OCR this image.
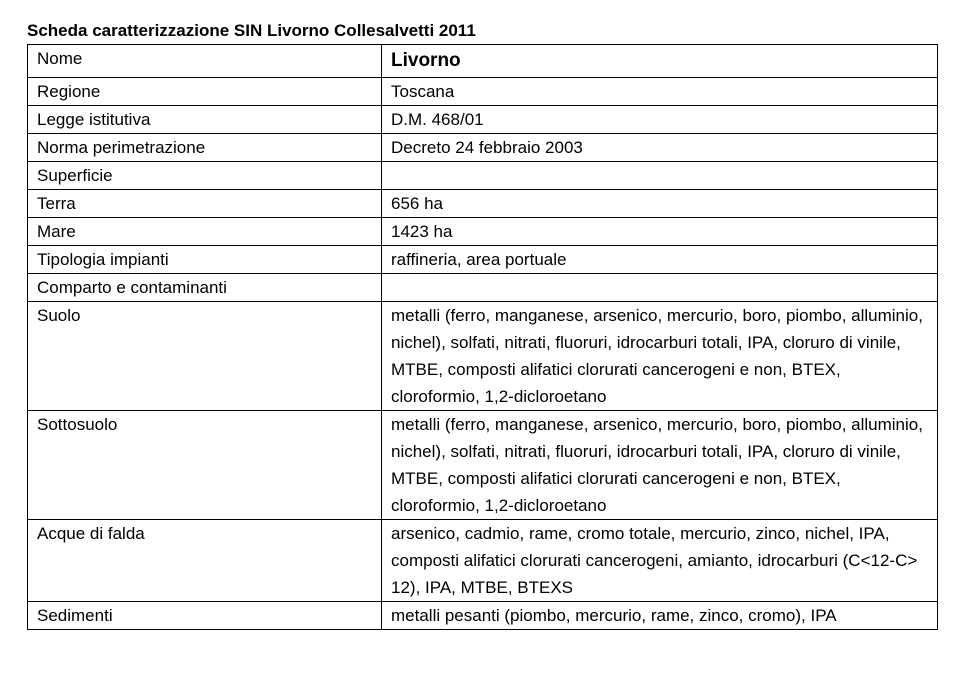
Scheda caratterizzazione SIN Livorno Collesalvetti 2011
Nome	Livorno
Regione	Toscana
Legge istitutiva	D.M. 468/01
Norma perimetrazione	Decreto 24 febbraio 2003
Superficie	
Terra	656 ha
Mare	1423 ha
Tipologia impianti	raffineria, area portuale
Comparto e contaminanti	
Suolo	metalli (ferro, manganese, arsenico, mercurio, boro, piombo, alluminio, nichel), solfati, nitrati, fluoruri, idrocarburi totali, IPA, cloruro di vinile, MTBE, composti alifatici clorurati cancerogeni e non, BTEX, cloroformio, 1,2-dicloroetano
Sottosuolo	metalli (ferro, manganese, arsenico, mercurio, boro, piombo, alluminio, nichel), solfati, nitrati, fluoruri, idrocarburi totali, IPA, cloruro di vinile, MTBE, composti alifatici clorurati cancerogeni e non, BTEX, cloroformio, 1,2-dicloroetano
Acque di falda	arsenico, cadmio, rame, cromo totale, mercurio, zinco, nichel, IPA, composti alifatici clorurati cancerogeni, amianto, idrocarburi (C<12-C> 12), IPA, MTBE, BTEXS
Sedimenti	metalli pesanti (piombo, mercurio, rame, zinco, cromo), IPA
